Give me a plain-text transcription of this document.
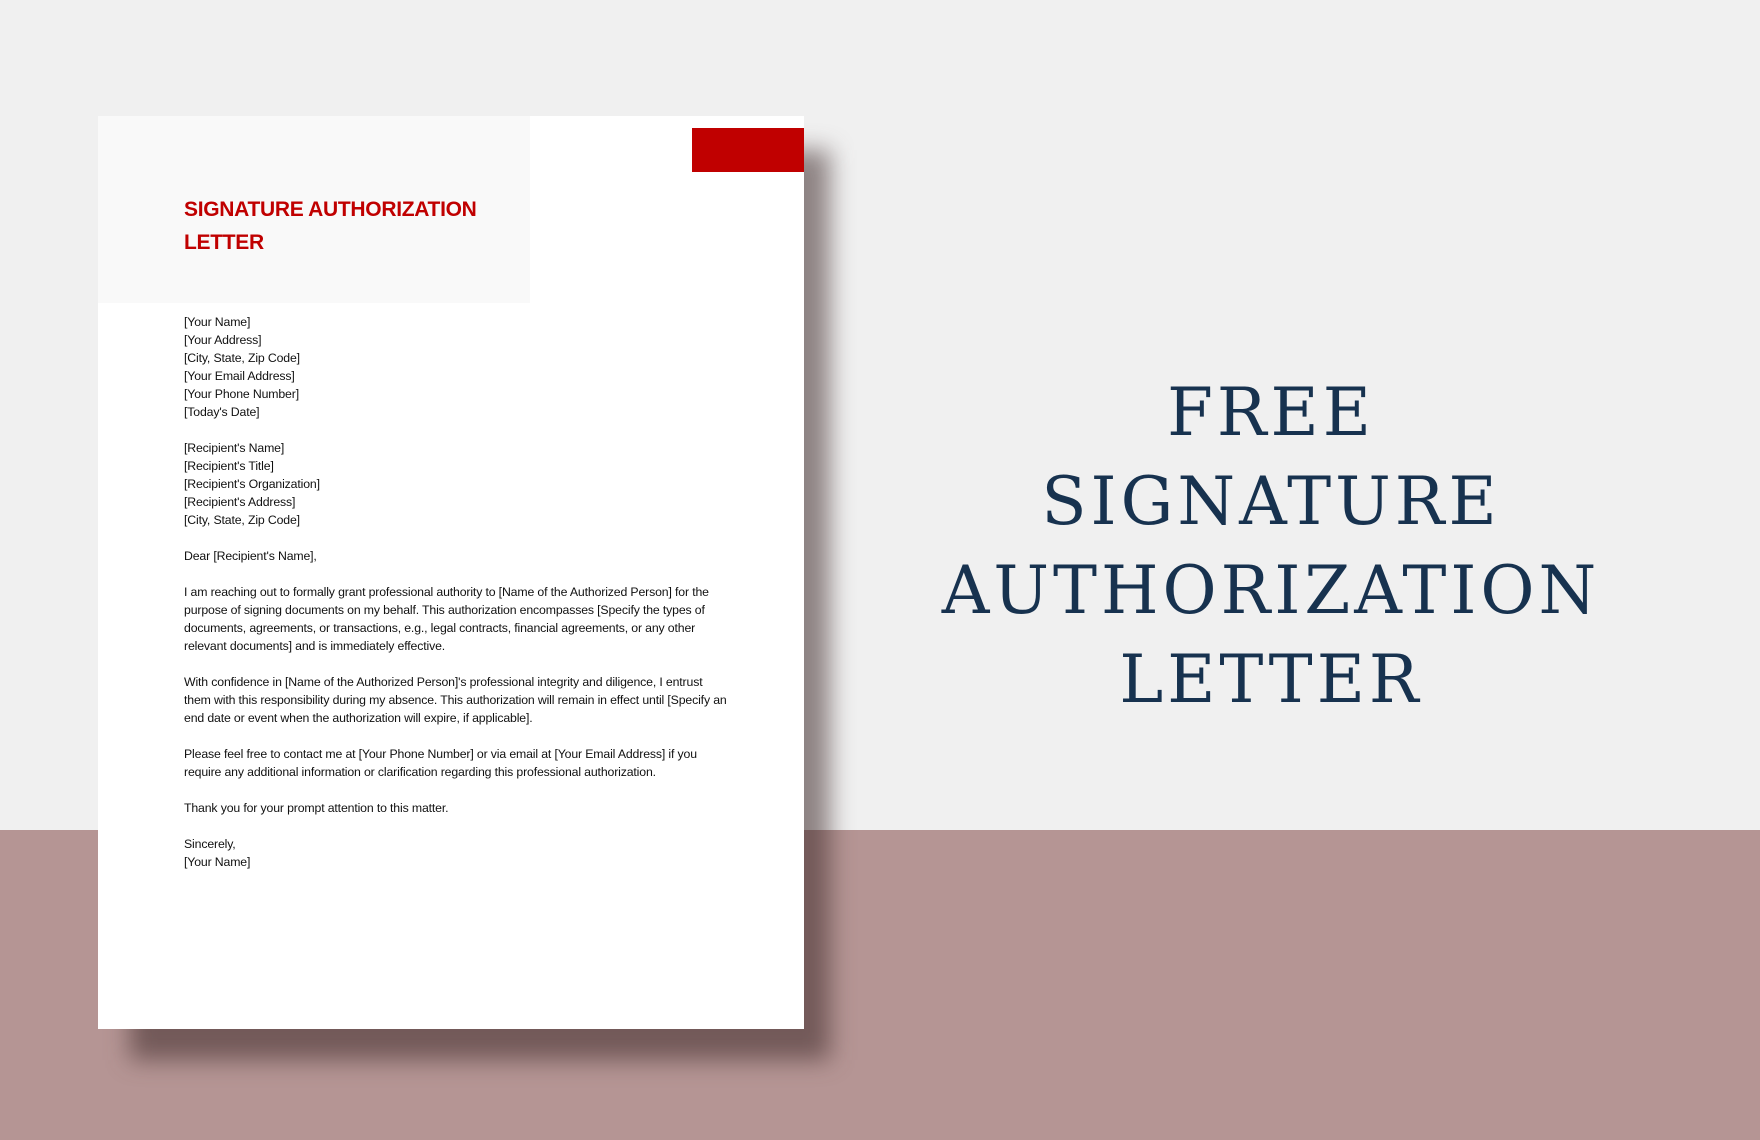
SIGNATURE AUTHORIZATION LETTER

[Your Name]
[Your Address]
[City, State, Zip Code]
[Your Email Address]
[Your Phone Number]
[Today's Date]

[Recipient's Name]
[Recipient's Title]
[Recipient's Organization]
[Recipient's Address]
[City, State, Zip Code]

Dear [Recipient's Name],

I am reaching out to formally grant professional authority to [Name of the Authorized Person] for the purpose of signing documents on my behalf. This authorization encompasses [Specify the types of documents, agreements, or transactions, e.g., legal contracts, financial agreements, or any other relevant documents] and is immediately effective.

With confidence in [Name of the Authorized Person]'s professional integrity and diligence, I entrust them with this responsibility during my absence. This authorization will remain in effect until [Specify an end date or event when the authorization will expire, if applicable].

Please feel free to contact me at [Your Phone Number] or via email at [Your Email Address] if you require any additional information or clarification regarding this professional authorization.

Thank you for your prompt attention to this matter.

Sincerely,
[Your Name]

FREE
SIGNATURE
AUTHORIZATION
LETTER
